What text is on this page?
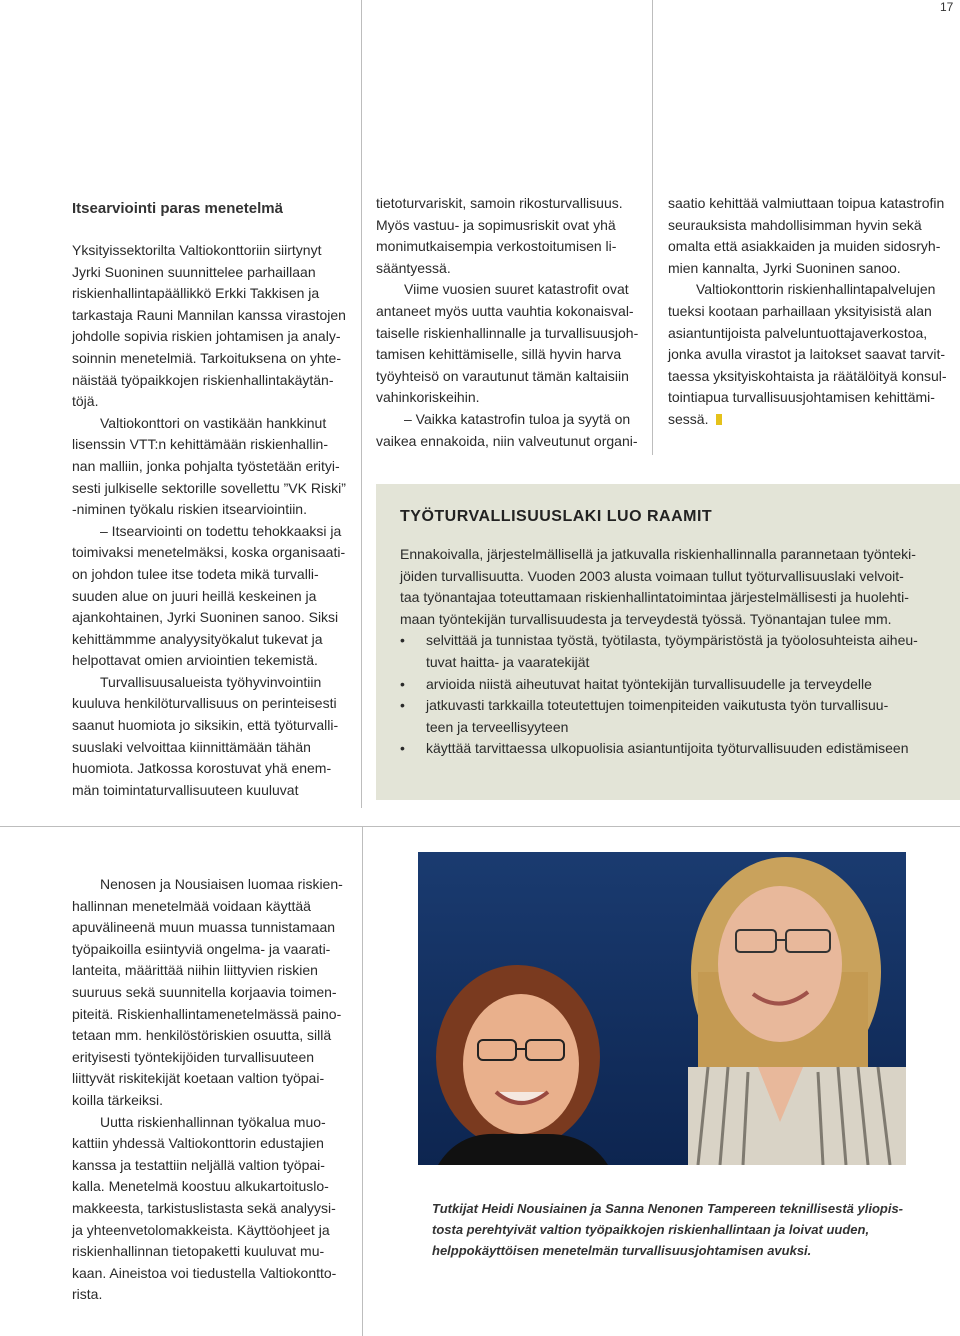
17
Itsearviointi paras menetelmä

Yksityissektorilta Valtiokonttoriin siirtynyt
Jyrki Suoninen suunnittelee parhaillaan
riskienhallintapäällikkö Erkki Takkisen ja
tarkastaja Rauni Mannilan kanssa virastojen
johdolle sopivia riskien johtamisen ja analy-
soinnin menetelmiä. Tarkoituksena on yhte-
näistää työpaikkojen riskienhallintakäytän-
töjä.

Valtiokonttori on vastikään hankkinut
lisenssin VTT:n kehittämään riskienhallin-
nan malliin, jonka pohjalta työstetään erityi-
sesti julkiselle sektorille sovellettu ”VK Riski”
-niminen työkalu riskien itsearviointiin.

– Itsearviointi on todettu tehokkaaksi ja
toimivaksi menetelmäksi, koska organisaati-
on johdon tulee itse todeta mikä turvalli-
suuden alue on juuri heillä keskeinen ja
ajankohtainen, Jyrki Suoninen sanoo. Siksi
kehittämmme analyysityökalut tukevat ja
helpottavat omien arviointien tekemistä.

Turvallisuusalueista työhyvinvointiin
kuuluva henkilöturvallisuus on perinteisesti
saanut huomiota jo siksikin, että työturvalli-
suuslaki velvoittaa kiinnittämään tähän
huomiota. Jatkossa korostuvat yhä enem-
män toimintaturvallisuuteen kuuluvat

tietoturvariskit, samoin rikosturvallisuus.
Myös vastuu- ja sopimusriskit ovat yhä
monimutkaisempia verkostoitumisen li-
sääntyessä.

Viime vuosien suuret katastrofit ovat
antaneet myös uutta vauhtia kokonaisval-
taiselle riskienhallinnalle ja turvallisuusjoh-
tamisen kehittämiselle, sillä hyvin harva
työyhteisö on varautunut tämän kaltaisiin
vahinkoriskeihin.

– Vaikka katastrofin tuloa ja syytä on
vaikea ennakoida, niin valveutunut organi-

saatio kehittää valmiuttaan toipua katastrofin
seurauksista mahdollisimman hyvin sekä
omalta että asiakkaiden ja muiden sidosryh-
mien kannalta, Jyrki Suoninen sanoo.

Valtiokonttorin riskienhallintapalvelujen
tueksi kootaan parhaillaan yksityisistä alan
asiantuntijoista palveluntuottajaverkostoa,
jonka avulla virastot ja laitokset saavat tarvit-
taessa yksityiskohtaista ja räätälöityä konsul-
tointiapua turvallisuusjohtamisen kehittämi-
sessä.

TYÖTURVALLISUUSLAKI LUO RAAMIT

Ennakoivalla, järjestelmällisellä ja jatkuvalla riskienhallinnalla parannetaan työnteki-
jöiden turvallisuutta. Vuoden 2003 alusta voimaan tullut työturvallisuuslaki velvoit-
taa työnantajaa toteuttamaan riskienhallintatoimintaa järjestelmällisesti ja huolehti-
maan työntekijän turvallisuudesta ja terveydestä työssä. Työnantajan tulee mm.

• selvittää ja tunnistaa työstä, työtilasta, työympäristöstä ja työolosuhteista aiheu-
tuvat haitta- ja vaaratekijät
• arvioida niistä aiheutuvat haitat työntekijän turvallisuudelle ja terveydelle
• jatkuvasti tarkkailla toteutettujen toimenpiteiden vaikutusta työn turvallisuu-
teen ja terveellisyyteen
• käyttää tarvittaessa ulkopuolisia asiantuntijoita työturvallisuuden edistämiseen

Nenosen ja Nousiaisen luomaa riskien-
hallinnan menetelmää voidaan käyttää
apuvälineenä muun muassa tunnistamaan
työpaikoilla esiintyviä ongelma- ja vaarati-
lanteita, määrittää niihin liittyvien riskien
suuruus sekä suunnitella korjaavia toimen-
piteitä. Riskienhallintamenetelmässä paino-
tetaan mm. henkilöstöriskien osuutta, sillä
erityisesti työntekijöiden turvallisuuteen
liittyvät riskitekijät koetaan valtion työpai-
koilla tärkeiksi.

Uutta riskienhallinnan työkalua muo-
kattiin yhdessä Valtiokonttorin edustajien
kanssa ja testattiin neljällä valtion työpai-
kalla. Menetelmä koostuu alkukartoituslo-
makkeesta, tarkistuslistasta sekä analyysi-
ja yhteenvetolomakkeista. Käyttöohjeet ja
riskienhallinnan tietopaketti kuuluvat mu-
kaan. Aineistoa voi tiedustella Valtiokontto-
rista.

Tutkijat Heidi Nousiainen ja Sanna Nenonen Tampereen teknillisestä yliopis-
tosta perehtyivät valtion työpaikkojen riskienhallintaan ja loivat uuden,
helppokäyttöisen menetelmän turvallisuusjohtamisen avuksi.
